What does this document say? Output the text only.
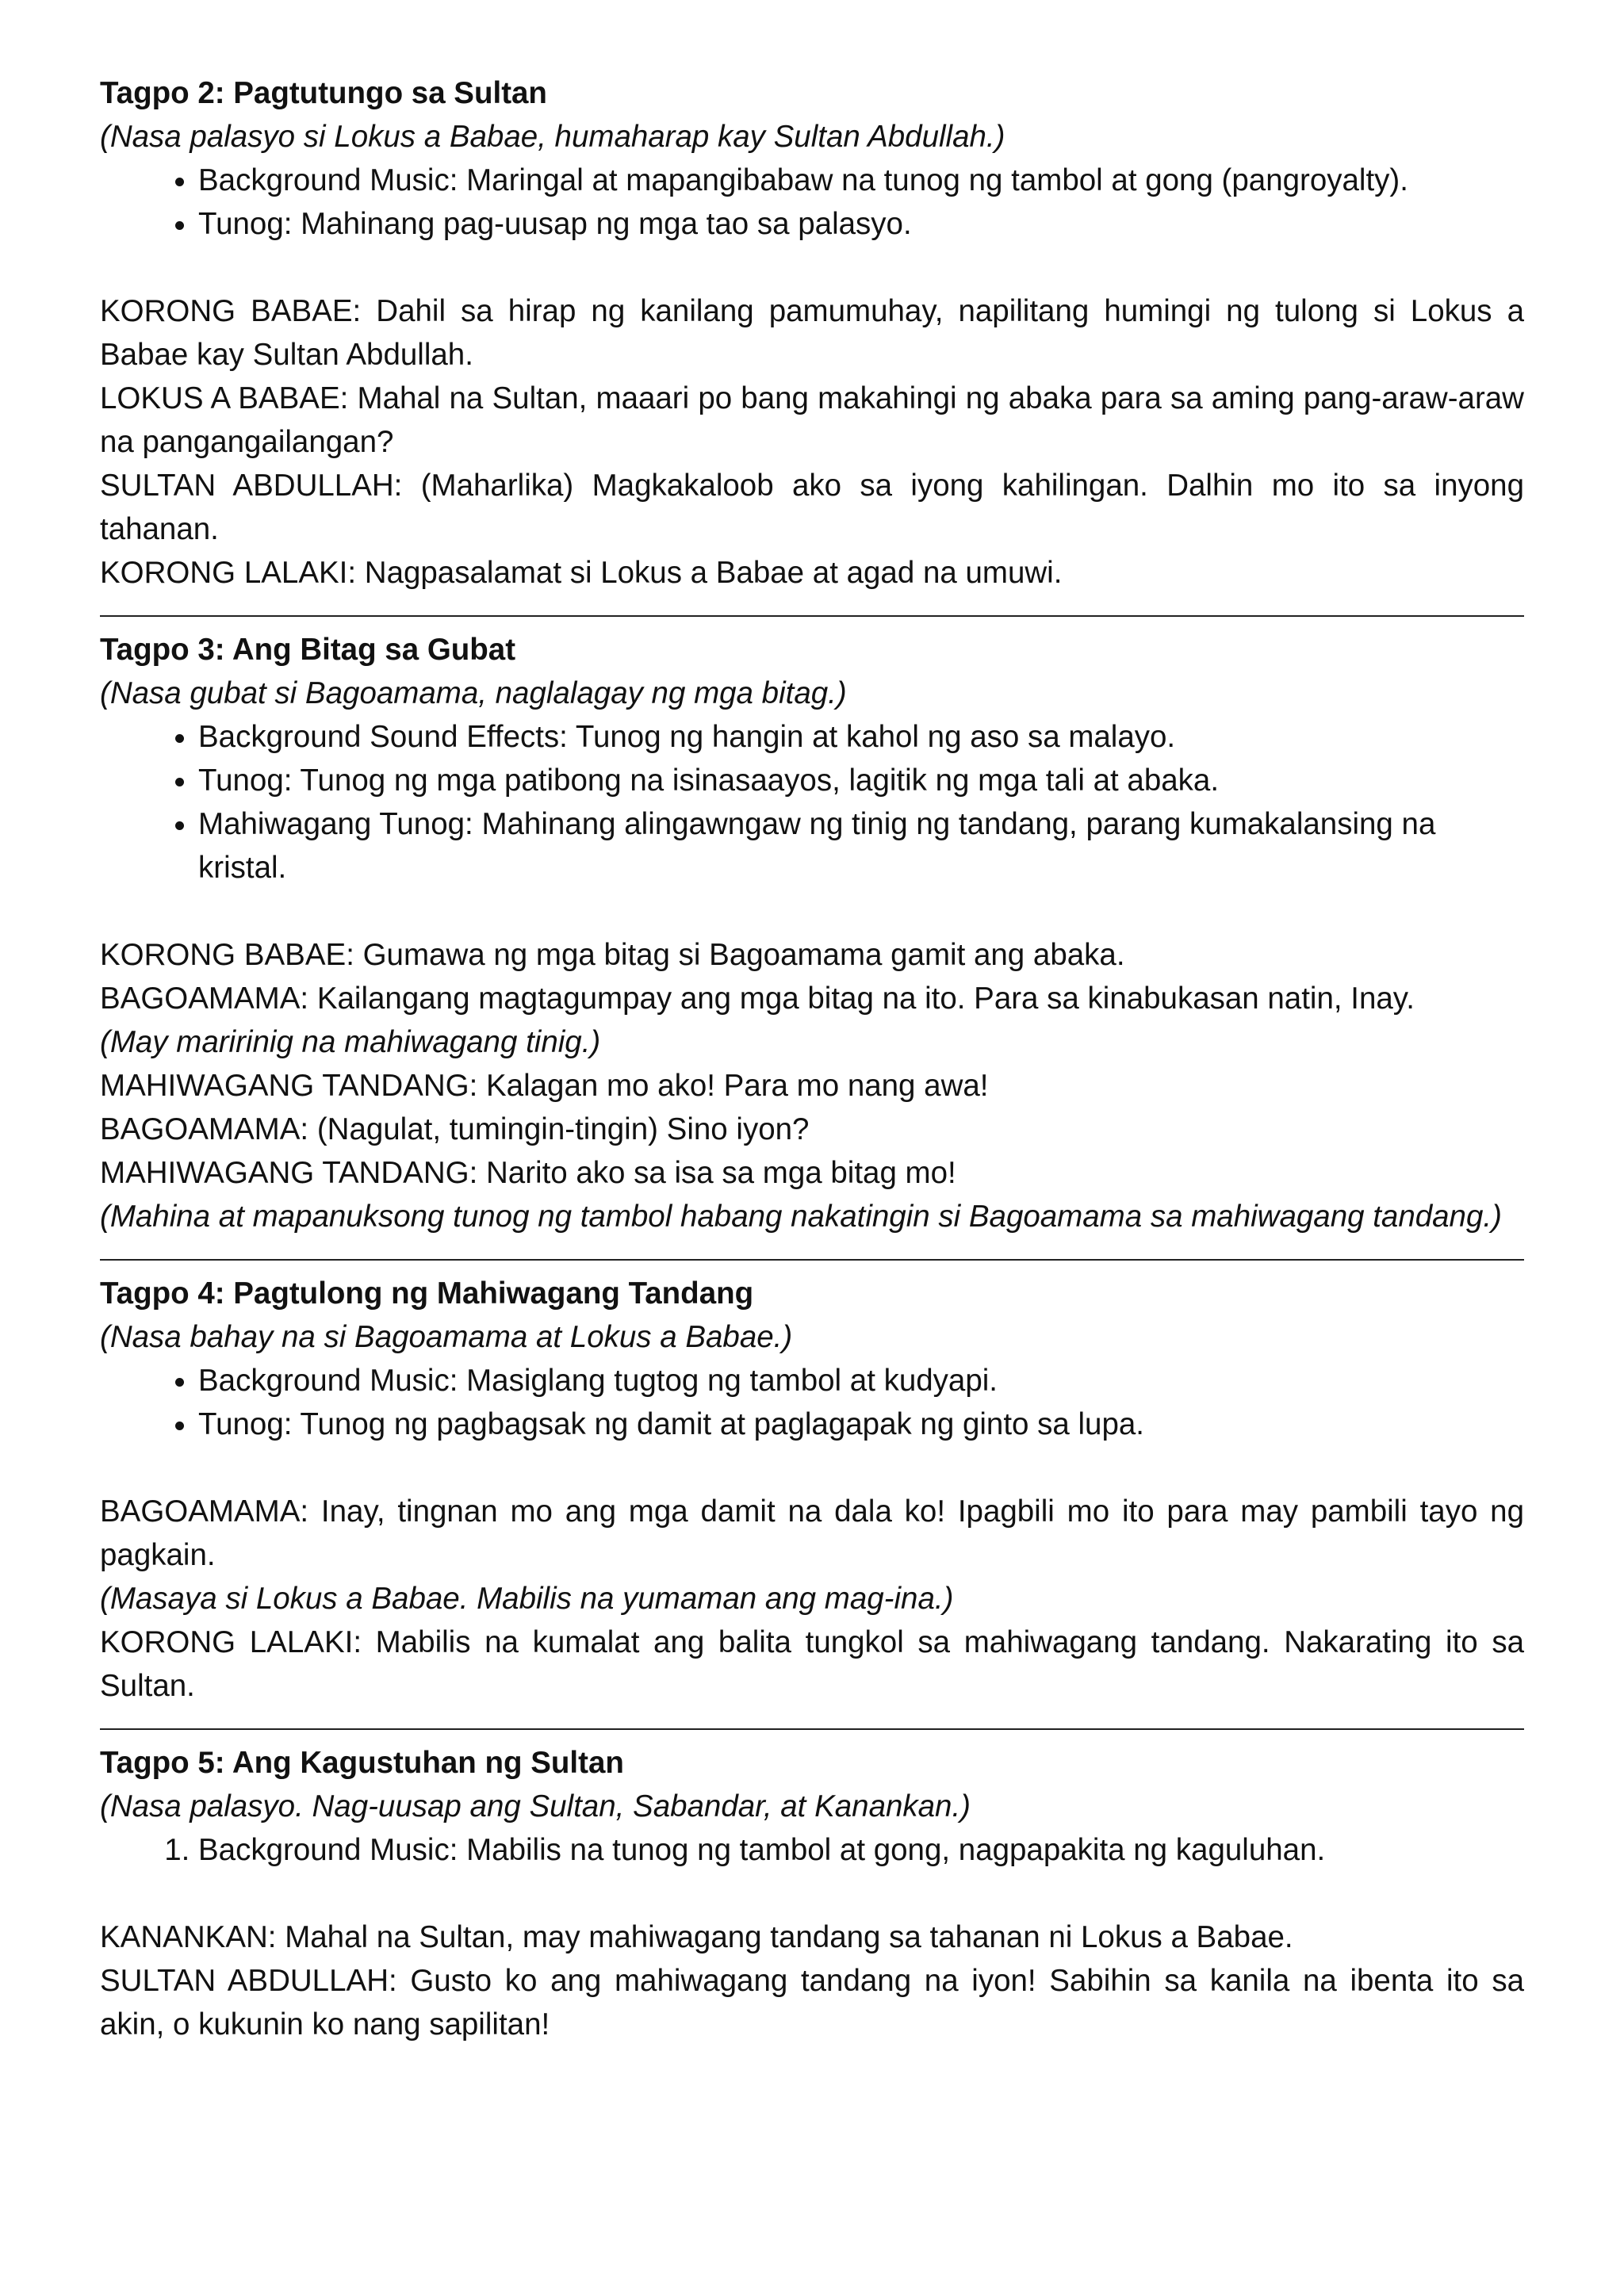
Tagpo 2: Pagtutungo sa Sultan

(Nasa palasyo si Lokus a Babae, humaharap kay Sultan Abdullah.)

• Background Music: Maringal at mapangibabaw na tunog ng tambol at gong (pangroyalty).
• Tunog: Mahinang pag-uusap ng mga tao sa palasyo.

KORONG BABAE: Dahil sa hirap ng kanilang pamumuhay, napilitang humingi ng tulong si Lokus a Babae kay Sultan Abdullah.

LOKUS A BABAE: Mahal na Sultan, maaari po bang makahingi ng abaka para sa aming pang-araw-araw na pangangailangan?

SULTAN ABDULLAH: (Maharlika) Magkakaloob ako sa iyong kahilingan. Dalhin mo ito sa inyong tahanan.

KORONG LALAKI: Nagpasalamat si Lokus a Babae at agad na umuwi.

Tagpo 3: Ang Bitag sa Gubat

(Nasa gubat si Bagoamama, naglalagay ng mga bitag.)

• Background Sound Effects: Tunog ng hangin at kahol ng aso sa malayo.
• Tunog: Tunog ng mga patibong na isinasaayos, lagitik ng mga tali at abaka.
• Mahiwagang Tunog: Mahinang alingawngaw ng tinig ng tandang, parang kumakalansing na kristal.

KORONG BABAE: Gumawa ng mga bitag si Bagoamama gamit ang abaka.

BAGOAMAMA: Kailangang magtagumpay ang mga bitag na ito. Para sa kinabukasan natin, Inay.

(May maririnig na mahiwagang tinig.)

MAHIWAGANG TANDANG: Kalagan mo ako! Para mo nang awa!

BAGOAMAMA: (Nagulat, tumingin-tingin) Sino iyon?

MAHIWAGANG TANDANG: Narito ako sa isa sa mga bitag mo!

(Mahina at mapanuksong tunog ng tambol habang nakatingin si Bagoamama sa mahiwagang tandang.)

Tagpo 4: Pagtulong ng Mahiwagang Tandang

(Nasa bahay na si Bagoamama at Lokus a Babae.)

• Background Music: Masiglang tugtog ng tambol at kudyapi.
• Tunog: Tunog ng pagbagsak ng damit at paglagapak ng ginto sa lupa.

BAGOAMAMA: Inay, tingnan mo ang mga damit na dala ko! Ipagbili mo ito para may pambili tayo ng pagkain.

(Masaya si Lokus a Babae. Mabilis na yumaman ang mag-ina.)

KORONG LALAKI: Mabilis na kumalat ang balita tungkol sa mahiwagang tandang. Nakarating ito sa Sultan.

Tagpo 5: Ang Kagustuhan ng Sultan

(Nasa palasyo. Nag-uusap ang Sultan, Sabandar, at Kanankan.)

1. Background Music: Mabilis na tunog ng tambol at gong, nagpapakita ng kaguluhan.

KANANKAN: Mahal na Sultan, may mahiwagang tandang sa tahanan ni Lokus a Babae.

SULTAN ABDULLAH: Gusto ko ang mahiwagang tandang na iyon! Sabihin sa kanila na ibenta ito sa akin, o kukunin ko nang sapilitan!
